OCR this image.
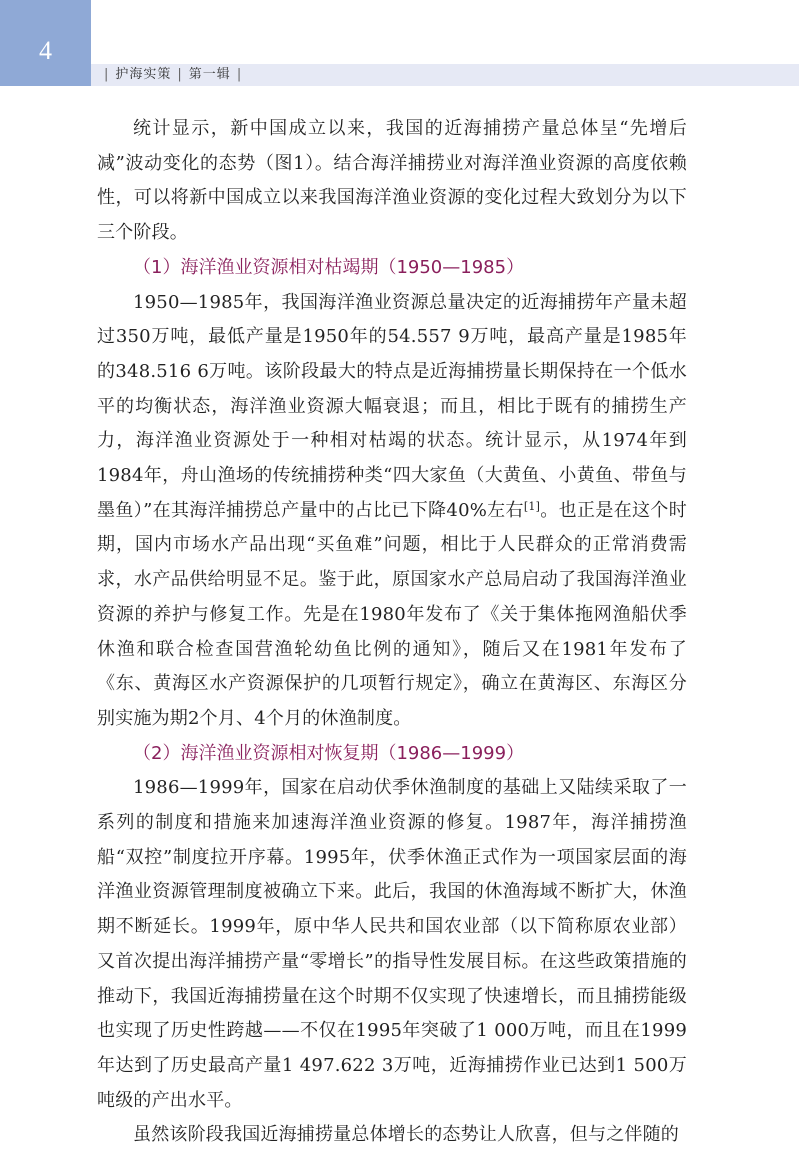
4
| 护海实策 | 第一辑 |

统计显示，新中国成立以来，我国的近海捕捞产量总体呈“先增后减”波动变化的态势（图1）。结合海洋捕捞业对海洋渔业资源的高度依赖性，可以将新中国成立以来我国海洋渔业资源的变化过程大致划分为以下三个阶段。

（1）海洋渔业资源相对枯竭期（1950—1985）

1950—1985年，我国海洋渔业资源总量决定的近海捕捞年产量未超过350万吨，最低产量是1950年的54.557 9万吨，最高产量是1985年的348.516 6万吨。该阶段最大的特点是近海捕捞量长期保持在一个低水平的均衡状态，海洋渔业资源大幅衰退；而且，相比于既有的捕捞生产力，海洋渔业资源处于一种相对枯竭的状态。统计显示，从1974年到1984年，舟山渔场的传统捕捞种类“四大家鱼（大黄鱼、小黄鱼、带鱼与墨鱼）”在其海洋捕捞总产量中的占比已下降40%左右[1]。也正是在这个时期，国内市场水产品出现“买鱼难”问题，相比于人民群众的正常消费需求，水产品供给明显不足。鉴于此，原国家水产总局启动了我国海洋渔业资源的养护与修复工作。先是在1980年发布了《关于集体拖网渔船伏季休渔和联合检查国营渔轮幼鱼比例的通知》，随后又在1981年发布了《东、黄海区水产资源保护的几项暂行规定》，确立在黄海区、东海区分别实施为期2个月、4个月的休渔制度。

（2）海洋渔业资源相对恢复期（1986—1999）

1986—1999年，国家在启动伏季休渔制度的基础上又陆续采取了一系列的制度和措施来加速海洋渔业资源的修复。1987年，海洋捕捞渔船“双控”制度拉开序幕。1995年，伏季休渔正式作为一项国家层面的海洋渔业资源管理制度被确立下来。此后，我国的休渔海域不断扩大，休渔期不断延长。1999年，原中华人民共和国农业部（以下简称原农业部）又首次提出海洋捕捞产量“零增长”的指导性发展目标。在这些政策措施的推动下，我国近海捕捞量在这个时期不仅实现了快速增长，而且捕捞能级也实现了历史性跨越——不仅在1995年突破了1 000万吨，而且在1999年达到了历史最高产量1 497.622 3万吨，近海捕捞作业已达到1 500万吨级的产出水平。

虽然该阶段我国近海捕捞量总体增长的态势让人欣喜，但与之伴随的
